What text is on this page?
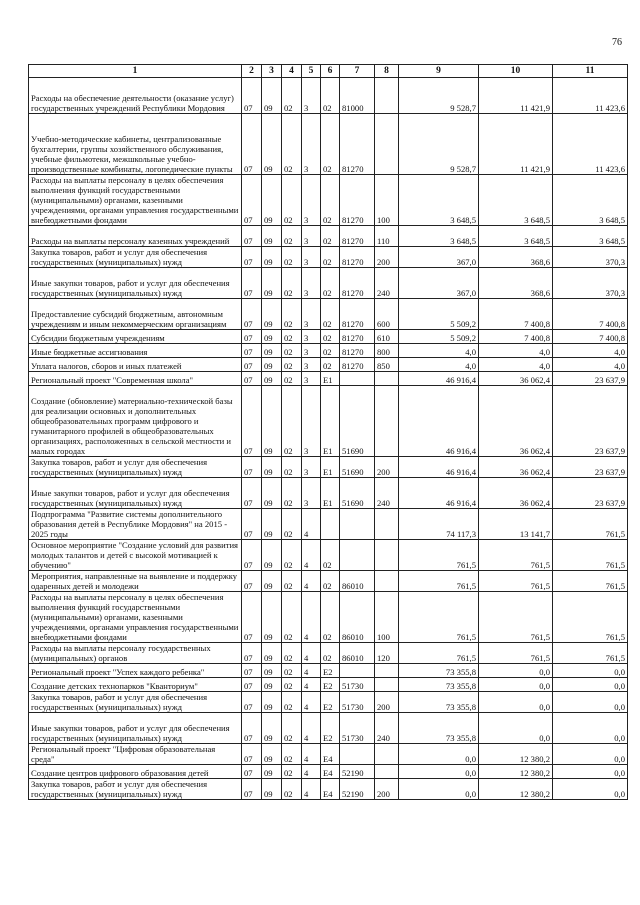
76
1	2	3	4	5	6	7	8	9	10	11
Расходы на обеспечение деятельности (оказание услуг) государственных учреждений Республики Мордовия	07	09	02	3	02	81000		9 528,7	11 421,9	11 423,6
Учебно-методические кабинеты, централизованные бухгалтерии, группы хозяйственного обслуживания, учебные фильмотеки, межшкольные учебно-производственные комбинаты, логопедические пункты	07	09	02	3	02	81270		9 528,7	11 421,9	11 423,6
Расходы на выплаты персоналу в целях обеспечения выполнения функций государственными (муниципальными) органами, казенными учреждениями, органами управления государственными внебюджетными фондами	07	09	02	3	02	81270	100	3 648,5	3 648,5	3 648,5
Расходы на выплаты персоналу казенных учреждений	07	09	02	3	02	81270	110	3 648,5	3 648,5	3 648,5
Закупка товаров, работ и услуг для обеспечения государственных (муниципальных) нужд	07	09	02	3	02	81270	200	367,0	368,6	370,3
Иные закупки товаров, работ и услуг для обеспечения государственных (муниципальных) нужд	07	09	02	3	02	81270	240	367,0	368,6	370,3
Предоставление субсидий бюджетным, автономным учреждениям и иным некоммерческим организациям	07	09	02	3	02	81270	600	5 509,2	7 400,8	7 400,8
Субсидии бюджетным учреждениям	07	09	02	3	02	81270	610	5 509,2	7 400,8	7 400,8
Иные бюджетные ассигнования	07	09	02	3	02	81270	800	4,0	4,0	4,0
Уплата налогов, сборов и иных платежей	07	09	02	3	02	81270	850	4,0	4,0	4,0
Региональный проект "Современная школа"	07	09	02	3	E1			46 916,4	36 062,4	23 637,9
Создание (обновление) материально-технической базы для реализации основных и дополнительных общеобразовательных программ цифрового и гуманитарного профилей в общеобразовательных организациях, расположенных в сельской местности и малых городах	07	09	02	3	E1	51690		46 916,4	36 062,4	23 637,9
Закупка товаров, работ и услуг для обеспечения государственных (муниципальных) нужд	07	09	02	3	E1	51690	200	46 916,4	36 062,4	23 637,9
Иные закупки товаров, работ и услуг для обеспечения государственных (муниципальных) нужд	07	09	02	3	E1	51690	240	46 916,4	36 062,4	23 637,9
Подпрограмма "Развитие системы дополнительного образования детей в Республике Мордовия" на 2015 - 2025 годы	07	09	02	4				74 117,3	13 141,7	761,5
Основное мероприятие "Создание условий для развития молодых талантов и детей с высокой мотивацией к обучению"	07	09	02	4	02			761,5	761,5	761,5
Мероприятия, направленные на выявление и поддержку одаренных детей и молодежи	07	09	02	4	02	86010		761,5	761,5	761,5
Расходы на выплаты персоналу в целях обеспечения выполнения функций государственными (муниципальными) органами, казенными учреждениями, органами управления государственными внебюджетными фондами	07	09	02	4	02	86010	100	761,5	761,5	761,5
Расходы на выплаты персоналу государственных (муниципальных) органов	07	09	02	4	02	86010	120	761,5	761,5	761,5
Региональный проект "Успех каждого ребенка"	07	09	02	4	E2			73 355,8	0,0	0,0
Создание детских технопарков "Кванториум"	07	09	02	4	E2	51730		73 355,8	0,0	0,0
Закупка товаров, работ и услуг для обеспечения государственных (муниципальных) нужд	07	09	02	4	E2	51730	200	73 355,8	0,0	0,0
Иные закупки товаров, работ и услуг для обеспечения государственных (муниципальных) нужд	07	09	02	4	E2	51730	240	73 355,8	0,0	0,0
Региональный проект "Цифровая образовательная среда"	07	09	02	4	E4			0,0	12 380,2	0,0
Создание центров цифрового образования детей	07	09	02	4	E4	52190		0,0	12 380,2	0,0
Закупка товаров, работ и услуг для обеспечения государственных (муниципальных) нужд	07	09	02	4	E4	52190	200	0,0	12 380,2	0,0
